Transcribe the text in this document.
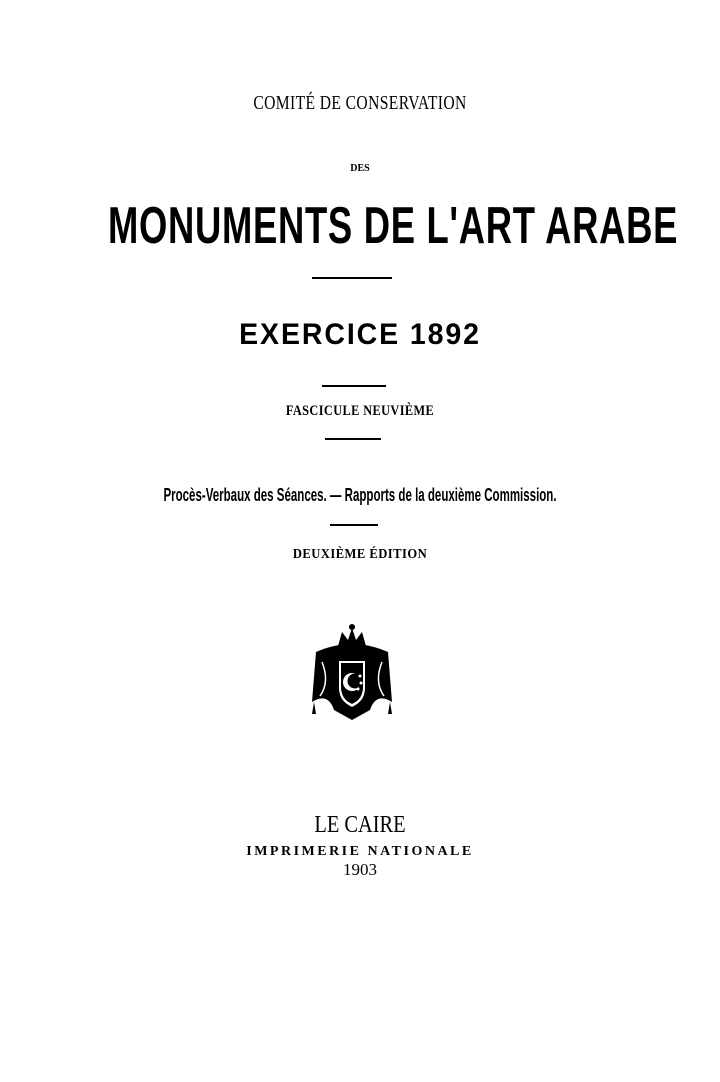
COMITÉ DE CONSERVATION
DES
MONUMENTS DE L'ART ARABE
EXERCICE 1892
FASCICULE NEUVIÈME
Procès-Verbaux des Séances. — Rapports de la deuxième Commission.
DEUXIÈME ÉDITION
LE CAIRE
IMPRIMERIE NATIONALE
1903
